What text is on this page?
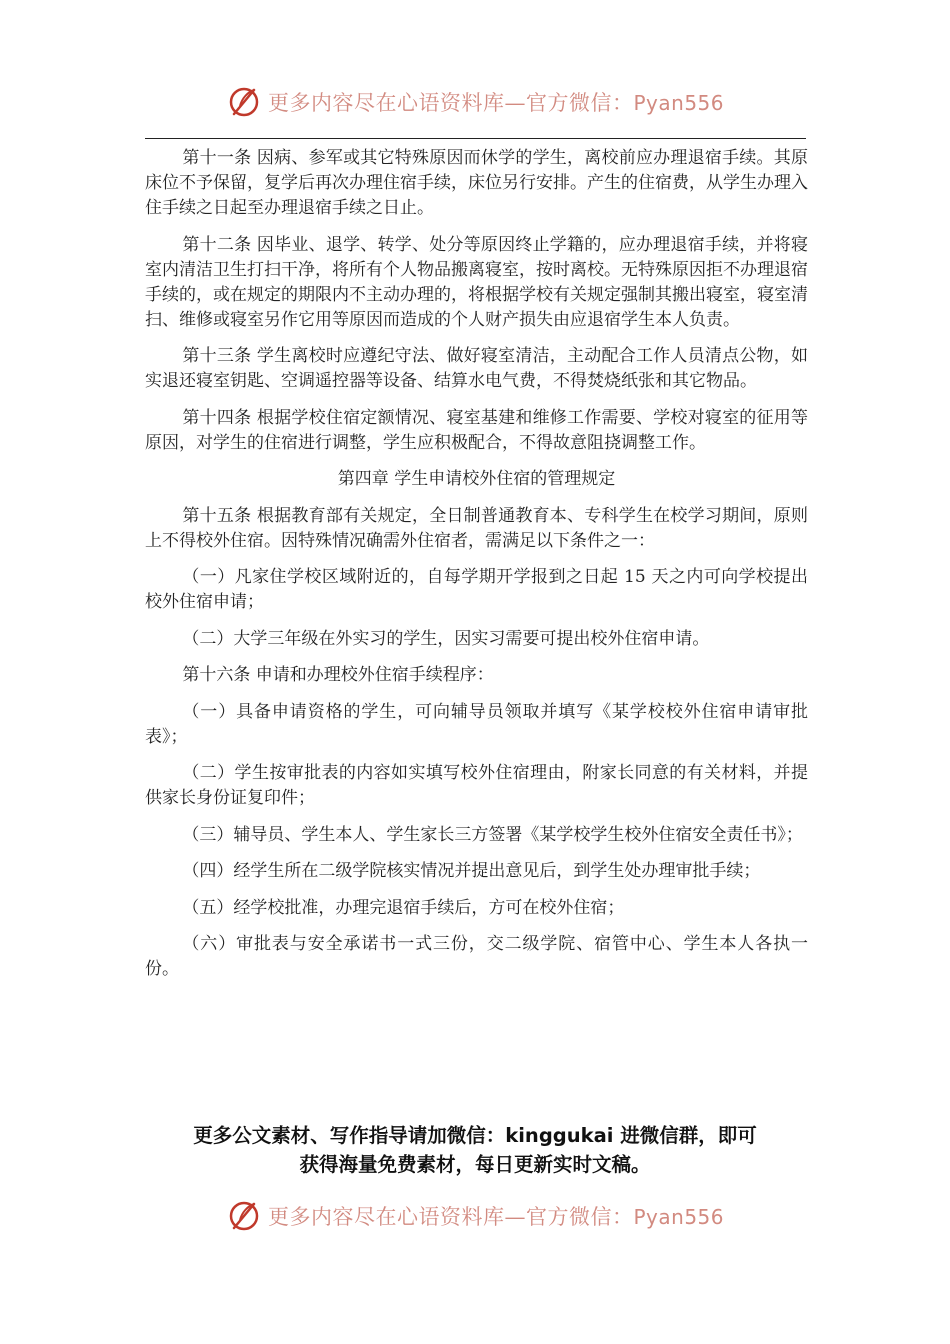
更多内容尽在心语资料库—官方微信：Pyan556

第十一条 因病、参军或其它特殊原因而休学的学生，离校前应办理退宿手续。其原床位不予保留，复学后再次办理住宿手续，床位另行安排。产生的住宿费，从学生办理入住手续之日起至办理退宿手续之日止。

第十二条 因毕业、退学、转学、处分等原因终止学籍的，应办理退宿手续，并将寝室内清洁卫生打扫干净，将所有个人物品搬离寝室，按时离校。无特殊原因拒不办理退宿手续的，或在规定的期限内不主动办理的，将根据学校有关规定强制其搬出寝室，寝室清扫、维修或寝室另作它用等原因而造成的个人财产损失由应退宿学生本人负责。

第十三条 学生离校时应遵纪守法、做好寝室清洁，主动配合工作人员清点公物，如实退还寝室钥匙、空调遥控器等设备、结算水电气费，不得焚烧纸张和其它物品。

第十四条 根据学校住宿定额情况、寝室基建和维修工作需要、学校对寝室的征用等原因，对学生的住宿进行调整，学生应积极配合，不得故意阻挠调整工作。

第四章 学生申请校外住宿的管理规定

第十五条 根据教育部有关规定，全日制普通教育本、专科学生在校学习期间，原则上不得校外住宿。因特殊情况确需外住宿者，需满足以下条件之一：

（一）凡家住学校区域附近的，自每学期开学报到之日起 15 天之内可向学校提出校外住宿申请；

（二）大学三年级在外实习的学生，因实习需要可提出校外住宿申请。

第十六条 申请和办理校外住宿手续程序：

（一）具备申请资格的学生，可向辅导员领取并填写《某学校校外住宿申请审批表》；

（二）学生按审批表的内容如实填写校外住宿理由，附家长同意的有关材料，并提供家长身份证复印件；

（三）辅导员、学生本人、学生家长三方签署《某学校学生校外住宿安全责任书》；

（四）经学生所在二级学院核实情况并提出意见后，到学生处办理审批手续；

（五）经学校批准，办理完退宿手续后，方可在校外住宿；

（六）审批表与安全承诺书一式三份，交二级学院、宿管中心、学生本人各执一份。

更多公文素材、写作指导请加微信：kinggukai 进微信群，即可
获得海量免费素材，每日更新实时文稿。
更多内容尽在心语资料库—官方微信：Pyan556
